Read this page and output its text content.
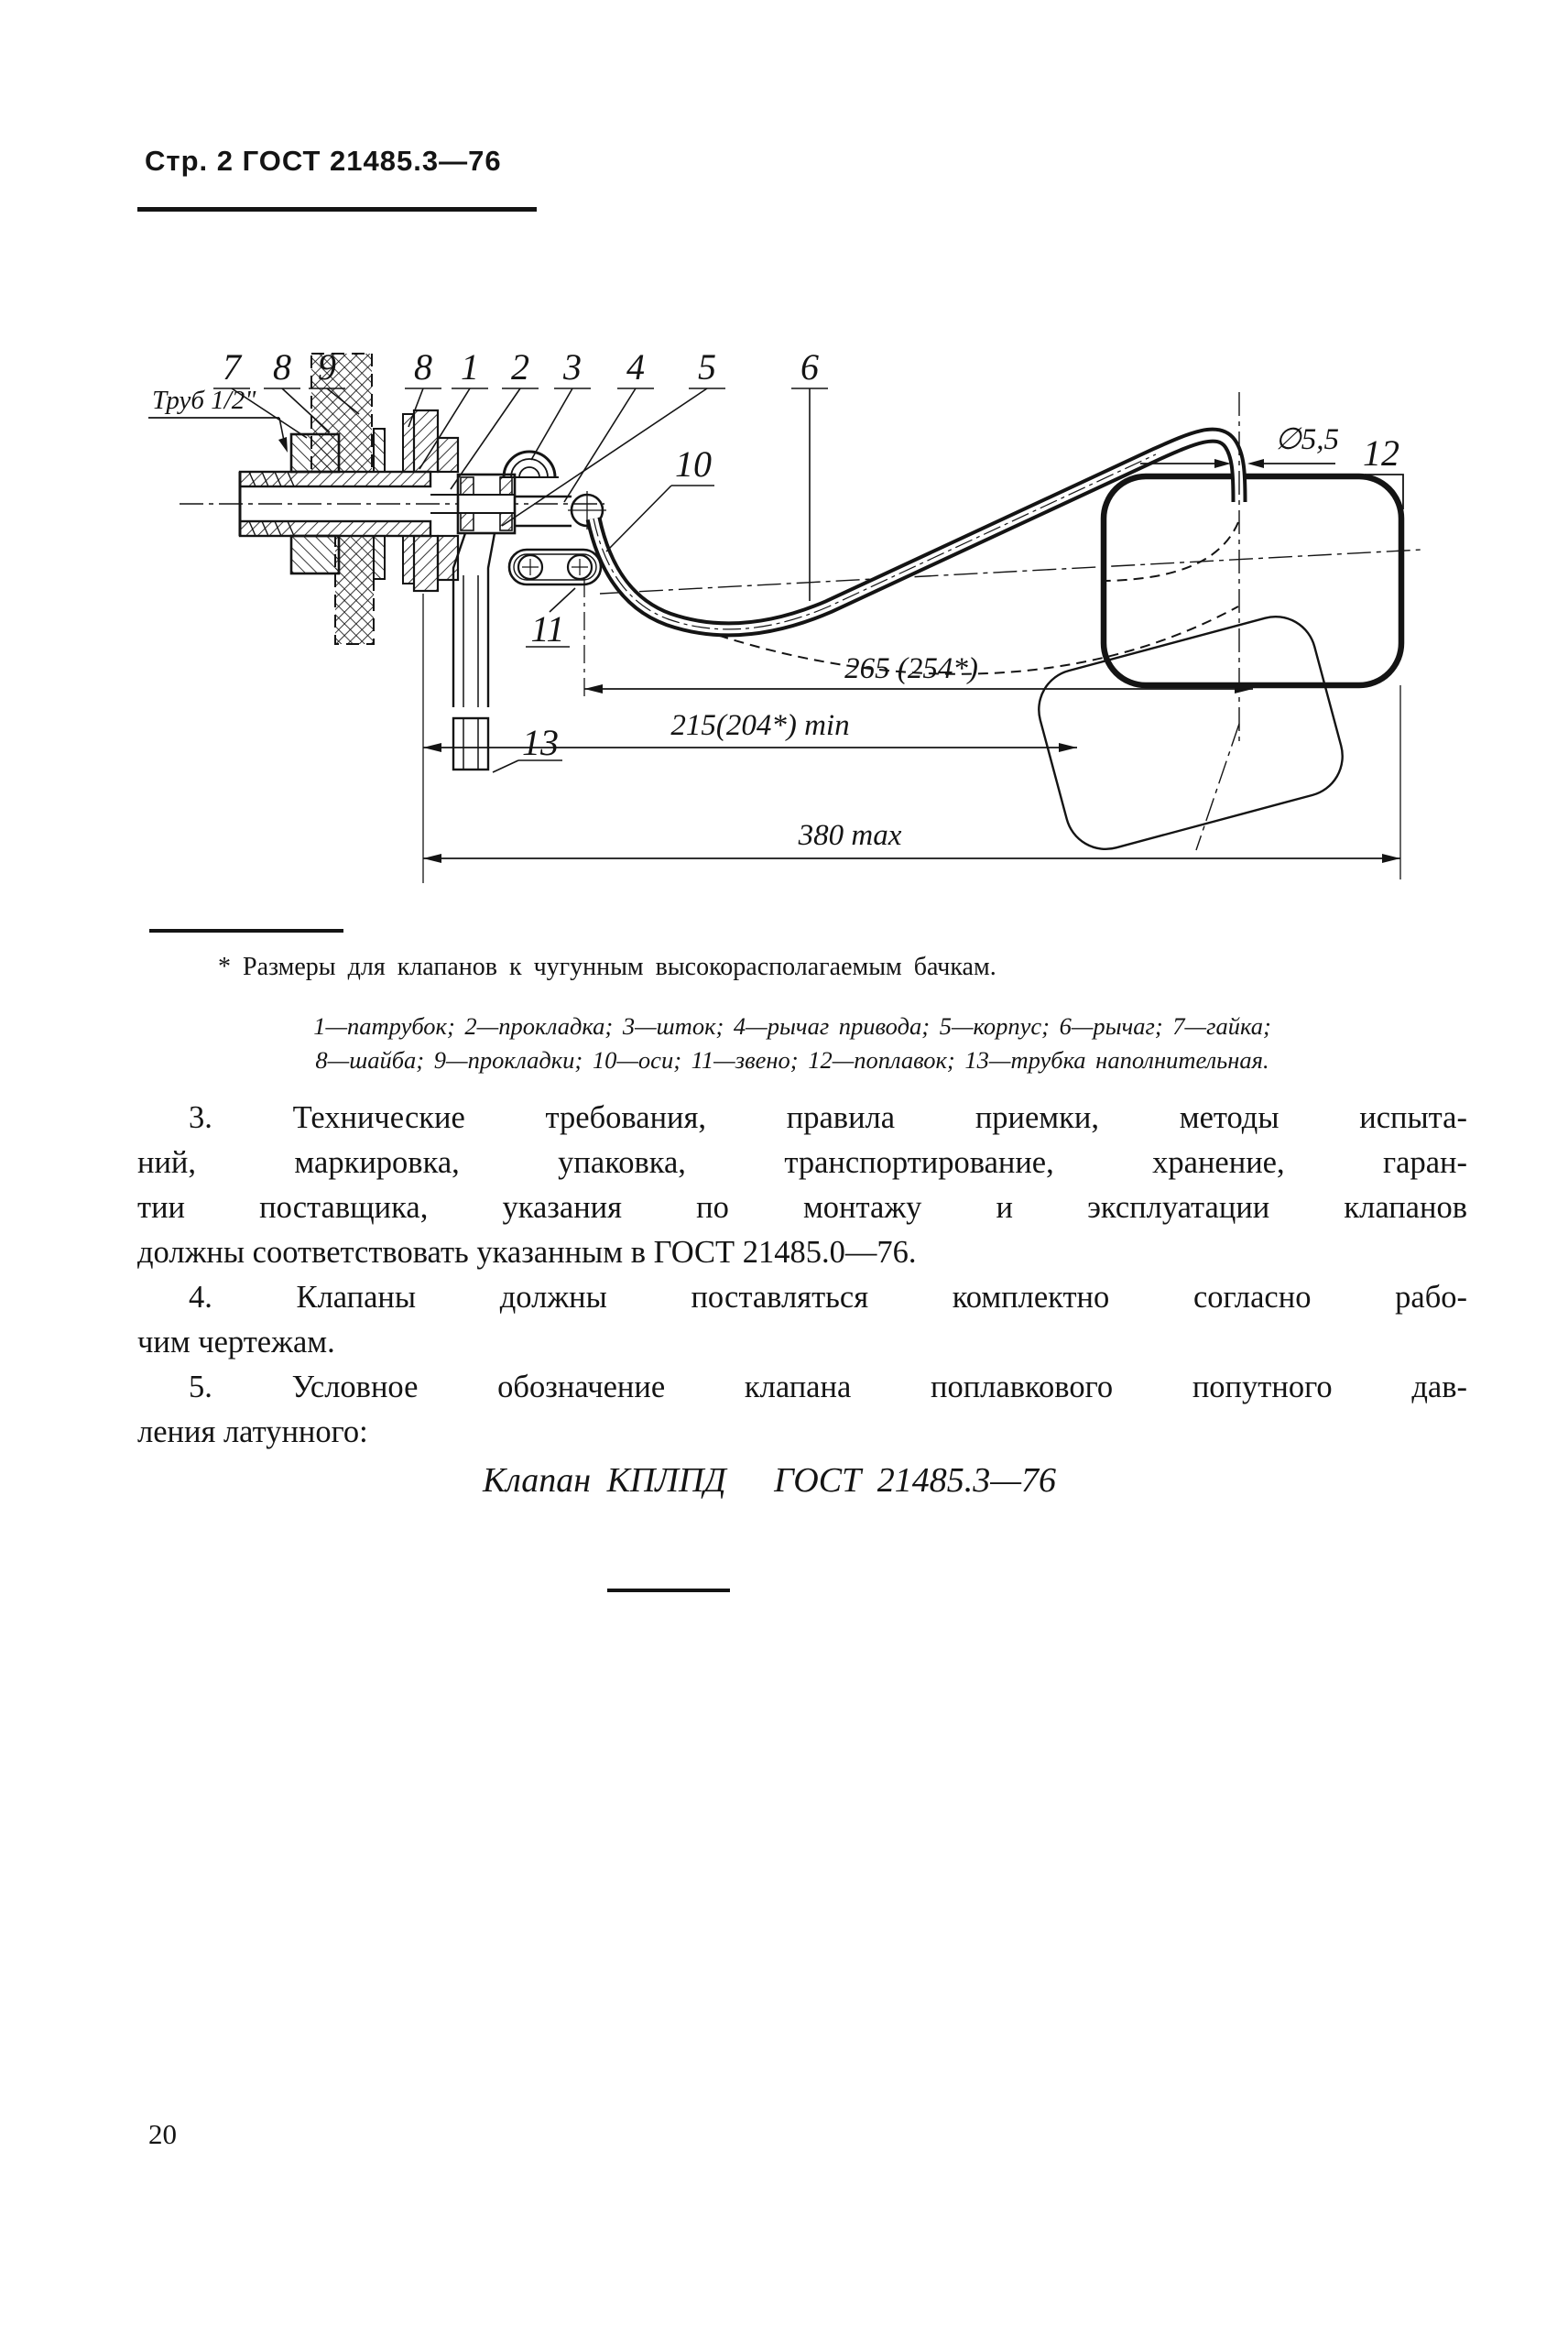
Стр. 2 ГОСТ 21485.3—76
∅5,5 12
265 (254*)
215(204*) min
380 max
7 8 9 8 1 2 3 4 5 6
10
11
13
Труб 1/2"
* Размеры для клапанов к чугунным высокорасполагаемым бачкам.
1—патрубок; 2—прокладка; 3—шток; 4—рычаг привода; 5—корпус; 6—рычаг; 7—гайка;
8—шайба; 9—прокладки; 10—оси; 11—звено; 12—поплавок; 13—трубка наполнительная.
3. Технические требования, правила приемки, методы испыта-
ний, маркировка, упаковка, транспортирование, хранение, гаран-
тии поставщика, указания по монтажу и эксплуатации клапанов
должны соответствовать указанным в ГОСТ 21485.0—76.
4. Клапаны должны поставляться комплектно согласно рабо-
чим чертежам.
5. Условное обозначение клапана поплавкового попутного дав-
ления латунного:
Клапан КПЛПД   ГОСТ 21485.3—76
20
